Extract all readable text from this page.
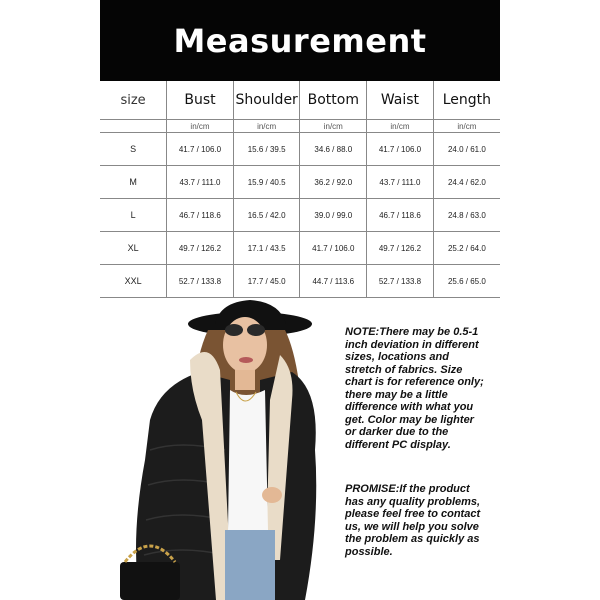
Measurement
size	Bust	Shoulder	Bottom	Waist	Length
	in/cm	in/cm	in/cm	in/cm	in/cm
S	41.7 / 106.0	15.6 / 39.5	34.6 / 88.0	41.7 / 106.0	24.0 / 61.0
M	43.7 / 111.0	15.9 / 40.5	36.2 / 92.0	43.7 / 111.0	24.4 / 62.0
L	46.7 / 118.6	16.5 / 42.0	39.0 / 99.0	46.7 / 118.6	24.8 / 63.0
XL	49.7 / 126.2	17.1 / 43.5	41.7 / 106.0	49.7 / 126.2	25.2 / 64.0
XXL	52.7 / 133.8	17.7 / 45.0	44.7 / 113.6	52.7 / 133.8	25.6 / 65.0
NOTE:There may be 0.5-1 inch deviation in different sizes, locations and stretch of fabrics. Size chart is for reference only; there may be a little difference with what you get. Color may be lighter or darker due to the different PC display.
PROMISE:If the product has any quality problems, please feel free to contact us, we will help you solve the problem as quickly as possible.
